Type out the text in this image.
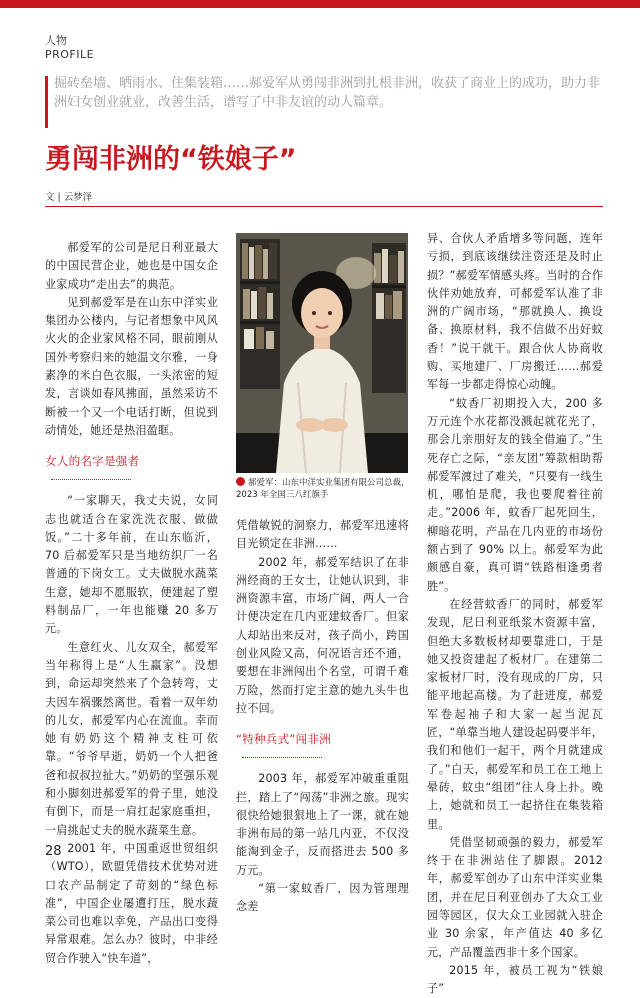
人物
PROFILE
掘砖垒墙、晒雨水、住集装箱……郝爱军从勇闯非洲到扎根非洲，收获了商业上的成功，助力非洲妇女创业就业，改善生活，谱写了中非友谊的动人篇章。
勇闯非洲的“铁娘子”
文 | 云梦泽

郝爱军的公司是尼日利亚最大的中国民营企业，她也是中国女企业家成功“走出去”的典范。

见到郝爱军是在山东中洋实业集团办公楼内，与记者想象中风风火火的企业家风格不同，眼前刚从国外考察归来的她温文尔雅，一身素净的米白色衣服，一头浓密的短发，言谈如春风拂面，虽然采访不断被一个又一个电话打断，但说到动情处，她还是热泪盈眶。

女人的名字是强者

“一家聊天，我丈夫说，女同志也就适合在家洗洗衣服、做做饭。”二十多年前，在山东临沂，70 后郝爱军只是当地纺织厂一名普通的下岗女工。丈夫做脱水蔬菜生意，她却不愿服软，便建起了塑料制品厂，一年也能赚 20 多万元。

生意红火、儿女双全，郝爱军当年称得上是“人生赢家”。没想到，命运却突然来了个急转弯，丈夫因车祸骤然离世。看着一双年幼的儿女，郝爱军内心在流血。幸而她有奶奶这个精神支柱可依靠。“爷爷早逝，奶奶一个人把爸爸和叔叔拉扯大。”奶奶的坚强乐观和小脚刻进郝爱军的骨子里，她没有倒下，而是一肩扛起家庭重担，一肩挑起丈夫的脱水蔬菜生意。

2001 年，中国重返世贸组织（WTO），欧盟凭借技术优势对进口农产品制定了苛刻的“绿色标准”，中国企业屡遭打压，脱水蔬菜公司也难以幸免，产品出口变得异常艰难。怎么办？彼时，中非经贸合作驶入“快车道”，

郝爱军：山东中洋实业集团有限公司总裁，2023 年全国三八红旗手

凭借敏锐的洞察力，郝爱军迅速将目光锁定在非洲……

2002 年，郝爱军结识了在非洲经商的王女士，让她认识到，非洲资源丰富，市场广阔，两人一合计便决定在几内亚建蚊香厂。但家人却站出来反对，孩子尚小，跨国创业风险又高，何况语言还不通，要想在非洲闯出个名堂，可谓千难万险，然而打定主意的她九头牛也拉不回。

“特种兵式”闯非洲

2003 年，郝爱军冲破重重阻拦，踏上了“闯荡”非洲之旅。现实很快给她狠狠地上了一课，就在她非洲布局的第一站几内亚，不仅没能淘到金子，反而搭进去 500 多万元。

“第一家蚊香厂，因为管理理念差

异、合伙人矛盾增多等问题，连年亏损，到底该继续注资还是及时止损？”郝爱军情感头疼。当时的合作伙伴劝她放弃，可郝爱军认准了非洲的广阔市场，“那就换人、换设备、换原材料，我不信做不出好蚊香！”说干就干。跟合伙人协商收购、买地建厂、厂房搬迁……郝爱军每一步都走得惊心动魄。

“蚊香厂初期投入大，200 多万元连个水花都没溅起就花光了，那会儿亲朋好友的钱全借遍了。”生死存亡之际，“亲友团”筹款相助帮郝爱军渡过了难关，“只要有一线生机，哪怕是爬，我也要爬着往前走。”2006 年，蚊香厂起死回生，柳暗花明，产品在几内亚的市场份额占到了 90% 以上。郝爱军为此颇感自豪，真可谓“铁路相逢勇者胜”。

在经营蚊香厂的同时，郝爱军发现，尼日利亚纸浆木资源丰富，但绝大多数板材却要靠进口，于是她又投资建起了板材厂。在建第二家板材厂时，没有现成的厂房，只能平地起高楼。为了赶进度，郝爱军卷起袖子和大家一起当泥瓦匠，“单靠当地人建设起码要半年，我们和他们一起干，两个月就建成了。”白天，郝爱军和员工在工地上晕砖，蚊虫“组团”往人身上扑。晚上，她就和员工一起挤住在集装箱里。

凭借坚韧顽强的毅力，郝爱军终于在非洲站住了脚跟。2012 年，郝爱军创办了山东中洋实业集团，并在尼日利亚创办了大众工业园等园区，仅大众工业园就入驻企业 30 余家，年产值达 40 多亿元，产品覆盖西非十多个国家。

2015 年，被员工视为“铁娘子”

28
